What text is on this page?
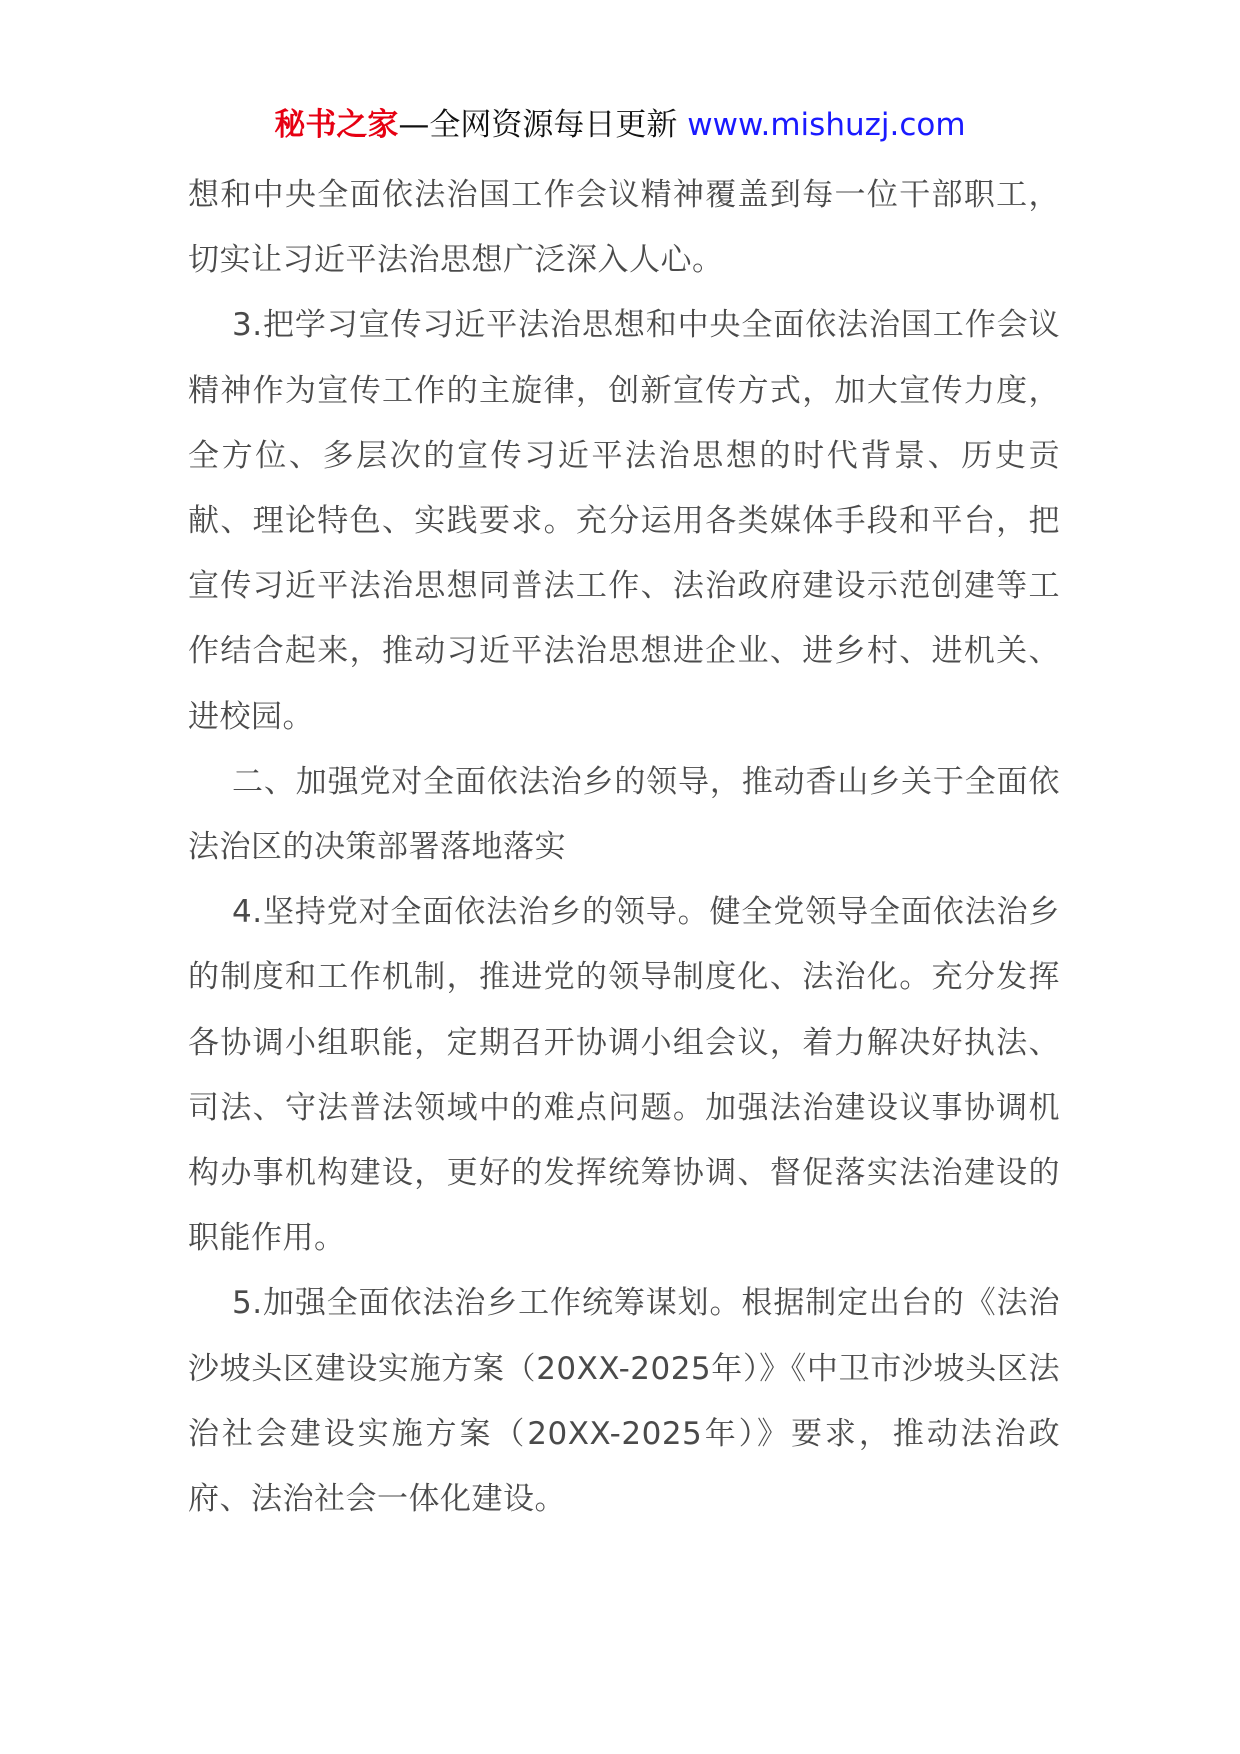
秘书之家—全网资源每日更新 www.mishuzj.com

想和中央全面依法治国工作会议精神覆盖到每一位干部职工，切实让习近平法治思想广泛深入人心。

3.把学习宣传习近平法治思想和中央全面依法治国工作会议精神作为宣传工作的主旋律，创新宣传方式，加大宣传力度，全方位、多层次的宣传习近平法治思想的时代背景、历史贡献、理论特色、实践要求。充分运用各类媒体手段和平台，把宣传习近平法治思想同普法工作、法治政府建设示范创建等工作结合起来，推动习近平法治思想进企业、进乡村、进机关、进校园。

二、加强党对全面依法治乡的领导，推动香山乡关于全面依法治区的决策部署落地落实

4.坚持党对全面依法治乡的领导。健全党领导全面依法治乡的制度和工作机制，推进党的领导制度化、法治化。充分发挥各协调小组职能，定期召开协调小组会议，着力解决好执法、司法、守法普法领域中的难点问题。加强法治建设议事协调机构办事机构建设，更好的发挥统筹协调、督促落实法治建设的职能作用。

5.加强全面依法治乡工作统筹谋划。根据制定出台的《法治沙坡头区建设实施方案（20XX-2025年）》《中卫市沙坡头区法治社会建设实施方案（20XX-2025年）》要求，推动法治政府、法治社会一体化建设。
